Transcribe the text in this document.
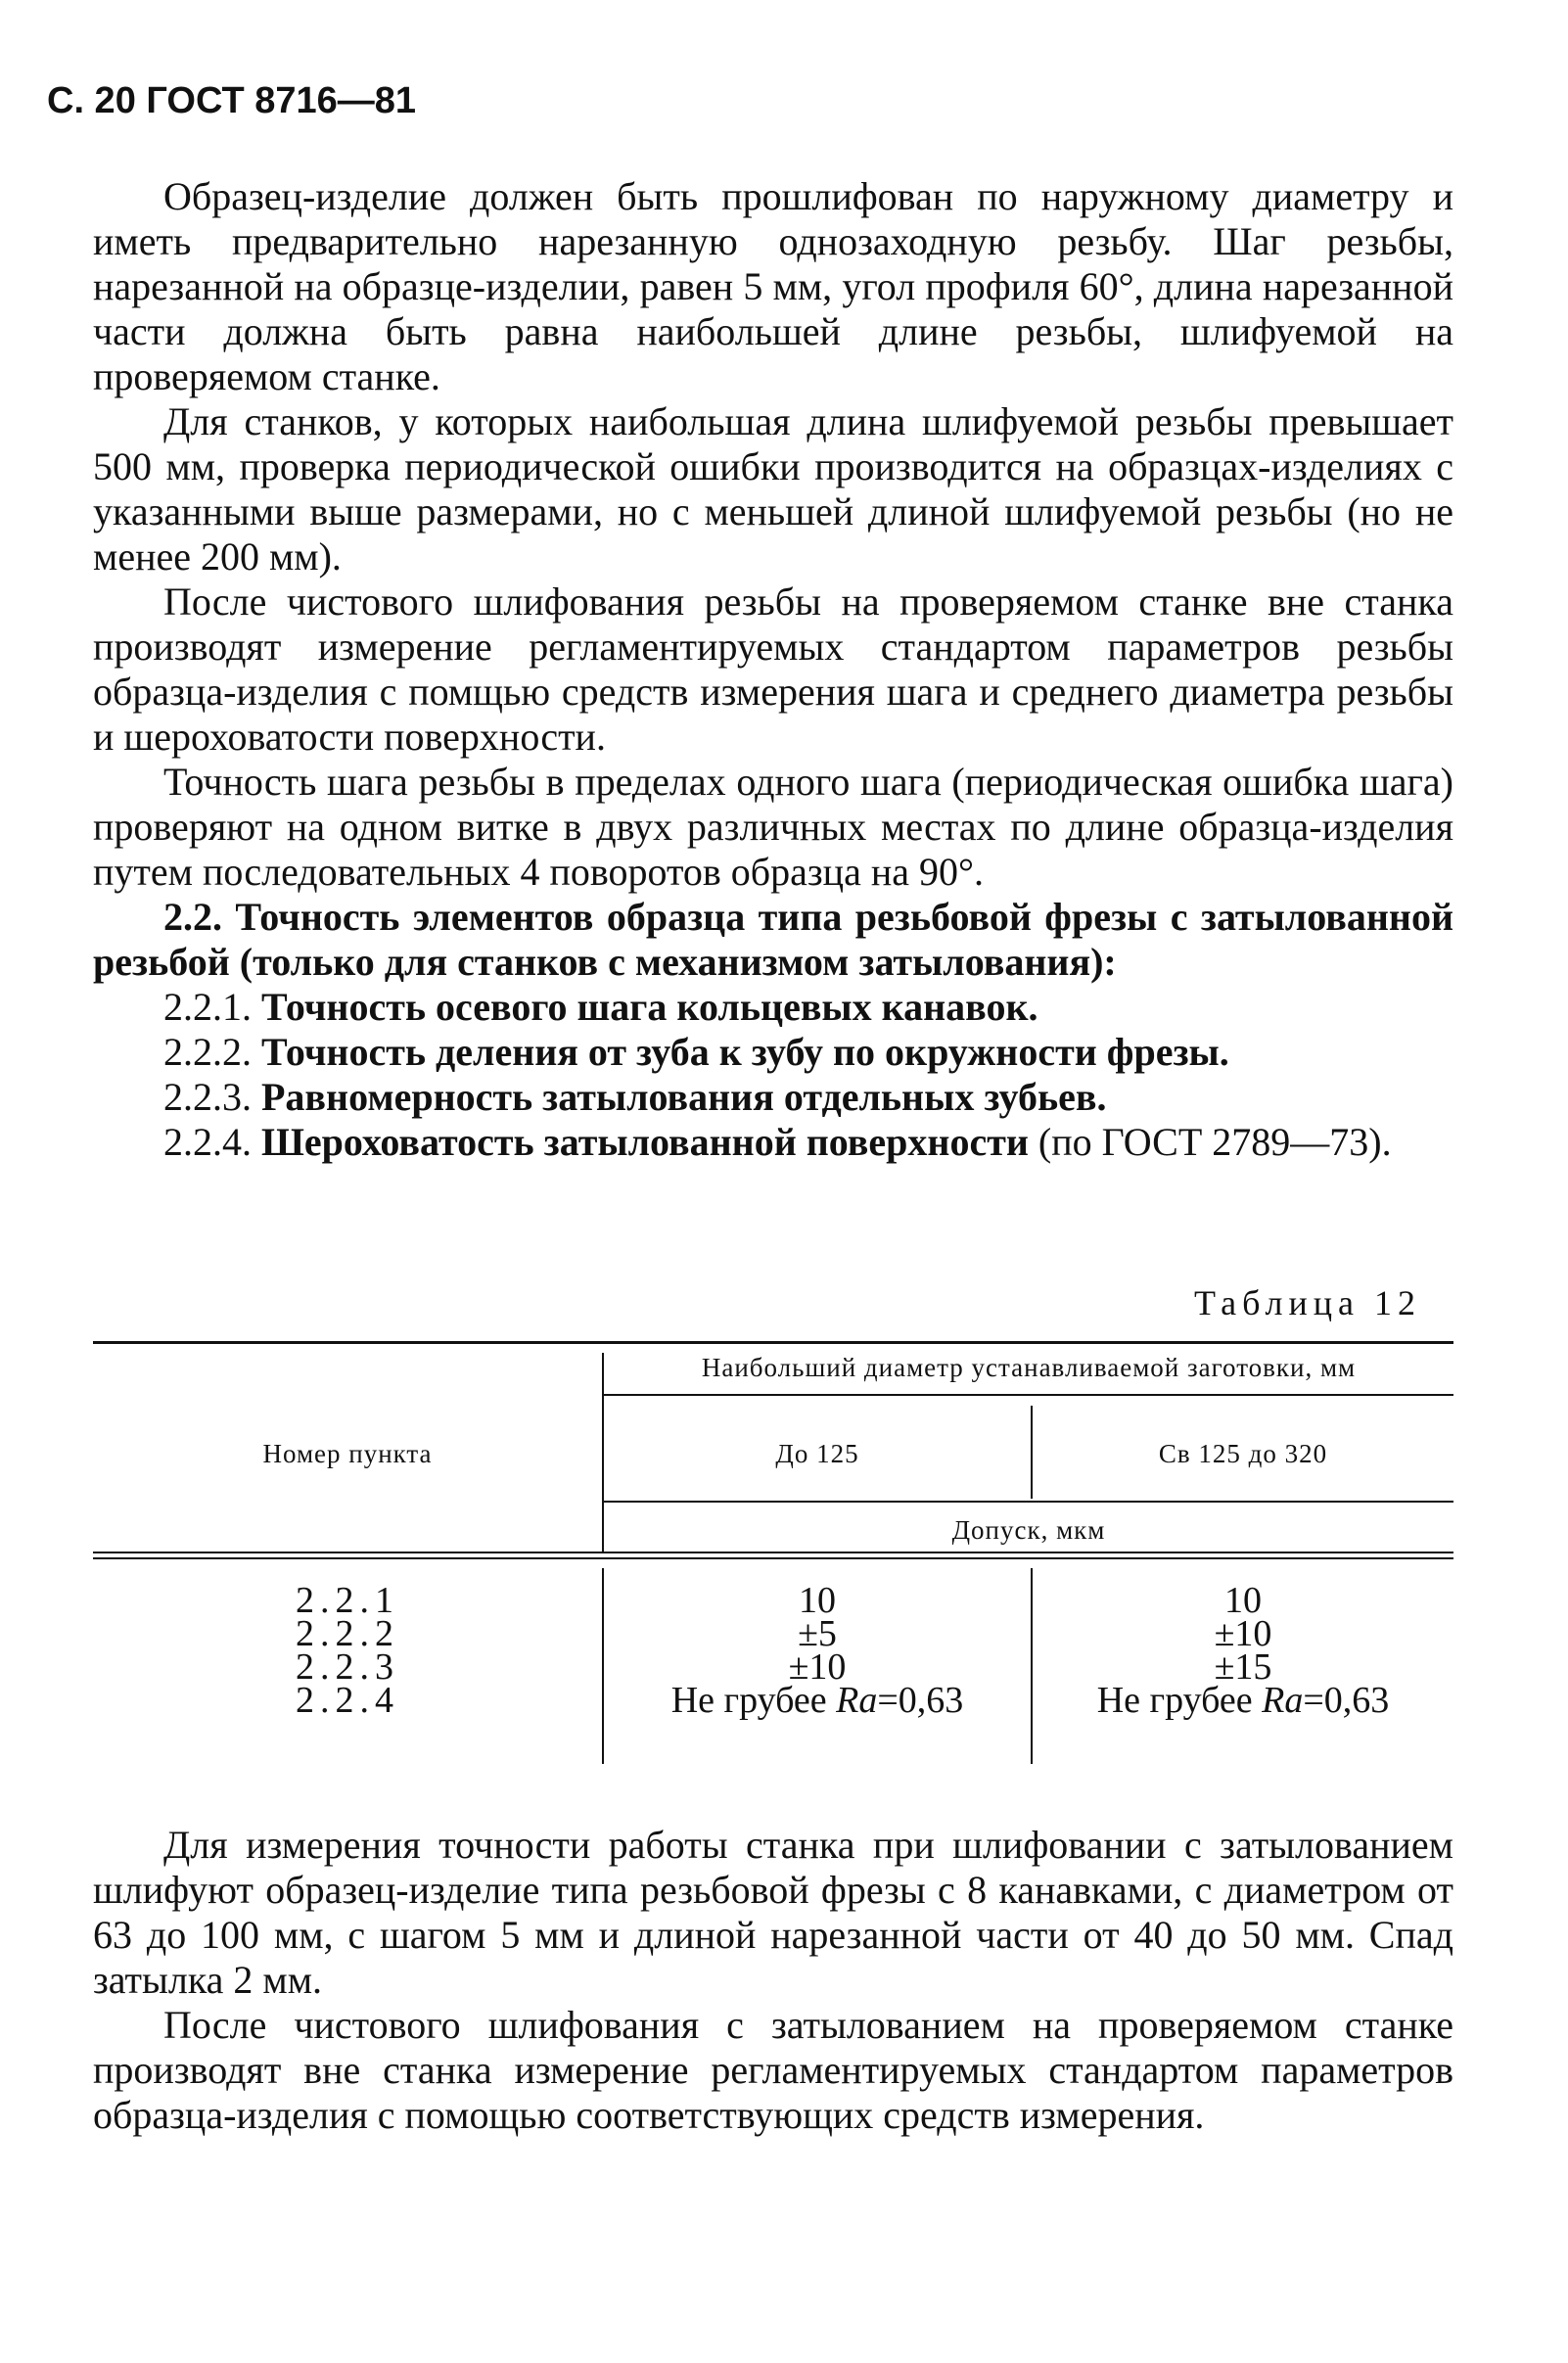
С. 20 ГОСТ 8716—81

Образец-изделие должен быть прошлифован по наружному диаметру и иметь предварительно нарезанную однозаходную резьбу. Шаг резьбы, нарезанной на образце-изделии, равен 5 мм, угол профиля 60°, длина нарезанной части должна быть равна наибольшей длине резьбы, шлифуемой на проверяемом станке.

Для станков, у которых наибольшая длина шлифуемой резьбы превышает 500 мм, проверка периодической ошибки производится на образцах-изделиях с указанными выше размерами, но с меньшей длиной шлифуемой резьбы (но не менее 200 мм).

После чистового шлифования резьбы на проверяемом станке вне станка производят измерение регламентируемых стандартом параметров резьбы образца-изделия с помщью средств измерения шага и среднего диаметра резьбы и шероховатости поверхности.

Точность шага резьбы в пределах одного шага (периодическая ошибка шага) проверяют на одном витке в двух различных местах по длине образца-изделия путем последовательных 4 поворотов образца на 90°.

2.2. Точность элементов образца типа резьбовой фрезы с затылованной резьбой (только для станков с механизмом затылования):

2.2.1. Точность осевого шага кольцевых канавок.

2.2.2. Точность деления от зуба к зубу по окружности фрезы.

2.2.3. Равномерность затылования отдельных зубьев.

2.2.4. Шероховатость затылованной поверхности (по ГОСТ 2789—73).

Таблица 12
Номер пункта
Наибольший диаметр устанавливаемой заготовки, мм
До 125	Св 125 до 320
Допуск, мкм
2.2.1
2.2.2
2.2.3
2.2.4
10
±5
±10
Не грубее Ra=0,63
10
±10
±15
Не грубее Ra=0,63

Для измерения точности работы станка при шлифовании с затылованием шлифуют образец-изделие типа резьбовой фрезы с 8 канавками, с диаметром от 63 до 100 мм, с шагом 5 мм и длиной нарезанной части от 40 до 50 мм. Спад затылка 2 мм.

После чистового шлифования с затылованием на проверяемом станке производят вне станка измерение регламентируемых стандартом параметров образца-изделия с помощью соответствующих средств измерения.
